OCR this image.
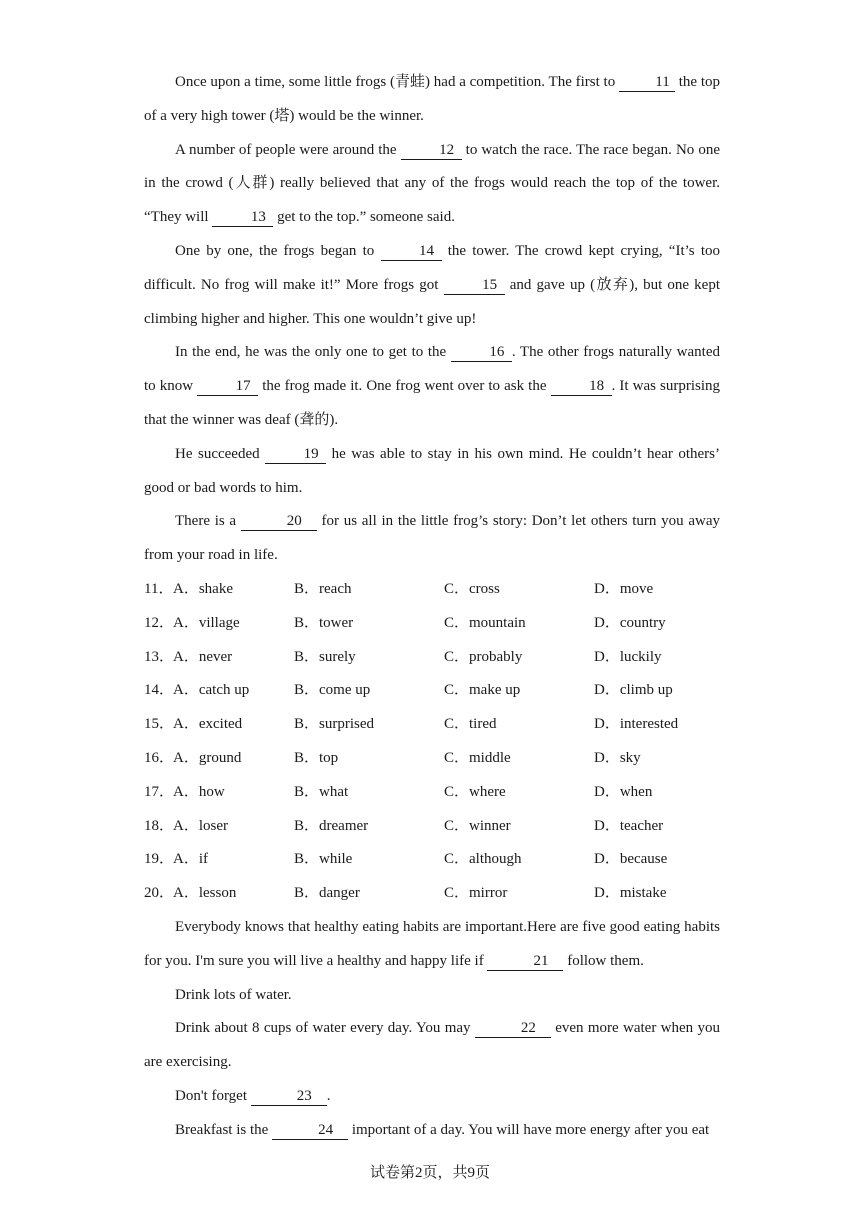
Once upon a time, some little frogs (青蛙) had a competition. The first to 11 the top of a very high tower (塔) would be the winner.

A number of people were around the	12 to watch the race. The race began. No one in the crowd (人群) really believed that any of the frogs would reach the top of the tower. “They will	13 get to the top.” someone said.

One by one, the frogs began to	14 the tower. The crowd kept crying, “It’s too difficult. No frog will make it!” More frogs got	15 and gave up (放弃), but one kept climbing higher and higher. This one wouldn’t give up!

In the end, he was the only one to get to the	16 . The other frogs naturally wanted to know	17 the frog made it. One frog went over to ask the	18 . It was surprising that the winner was deaf (聋的).

He succeeded	19 he was able to stay in his own mind. He couldn’t hear others’ good or bad words to him.

There is a	20 for us all in the little frog’s story: Don’t let others turn you away from your road in life.

11． A．shake	B．reach	C．cross	D．move
12．
A．village	B．tower	C．mountain	D．country
13．
A．never	B．surely	C．probably	D．luckily
14．
A．catch up	B．come up	C．make up	D．climb up
15．
A．excited	B．surprised	C．tired	D．interested
16．
A．ground	B．top	C．middle	D．sky
17．
A．how	B．what	C．where	D．when
18．
A．loser	B．dreamer	C．winner	D．teacher
19．
A．if	B．while	C．although	D．because
20．
A．lesson	B．danger	C．mirror	D．mistake

Everybody knows that healthy eating habits are important.Here are five good eating habits for you. I'm sure you will live a healthy and happy life if	21 follow them.

Drink lots of water.

Drink about 8 cups of water every day. You may	22 even more water when you are exercising.

Don't forget	23 .

Breakfast is the	24 important of a day. You will have more energy after you eat

试卷第2页，共9页
